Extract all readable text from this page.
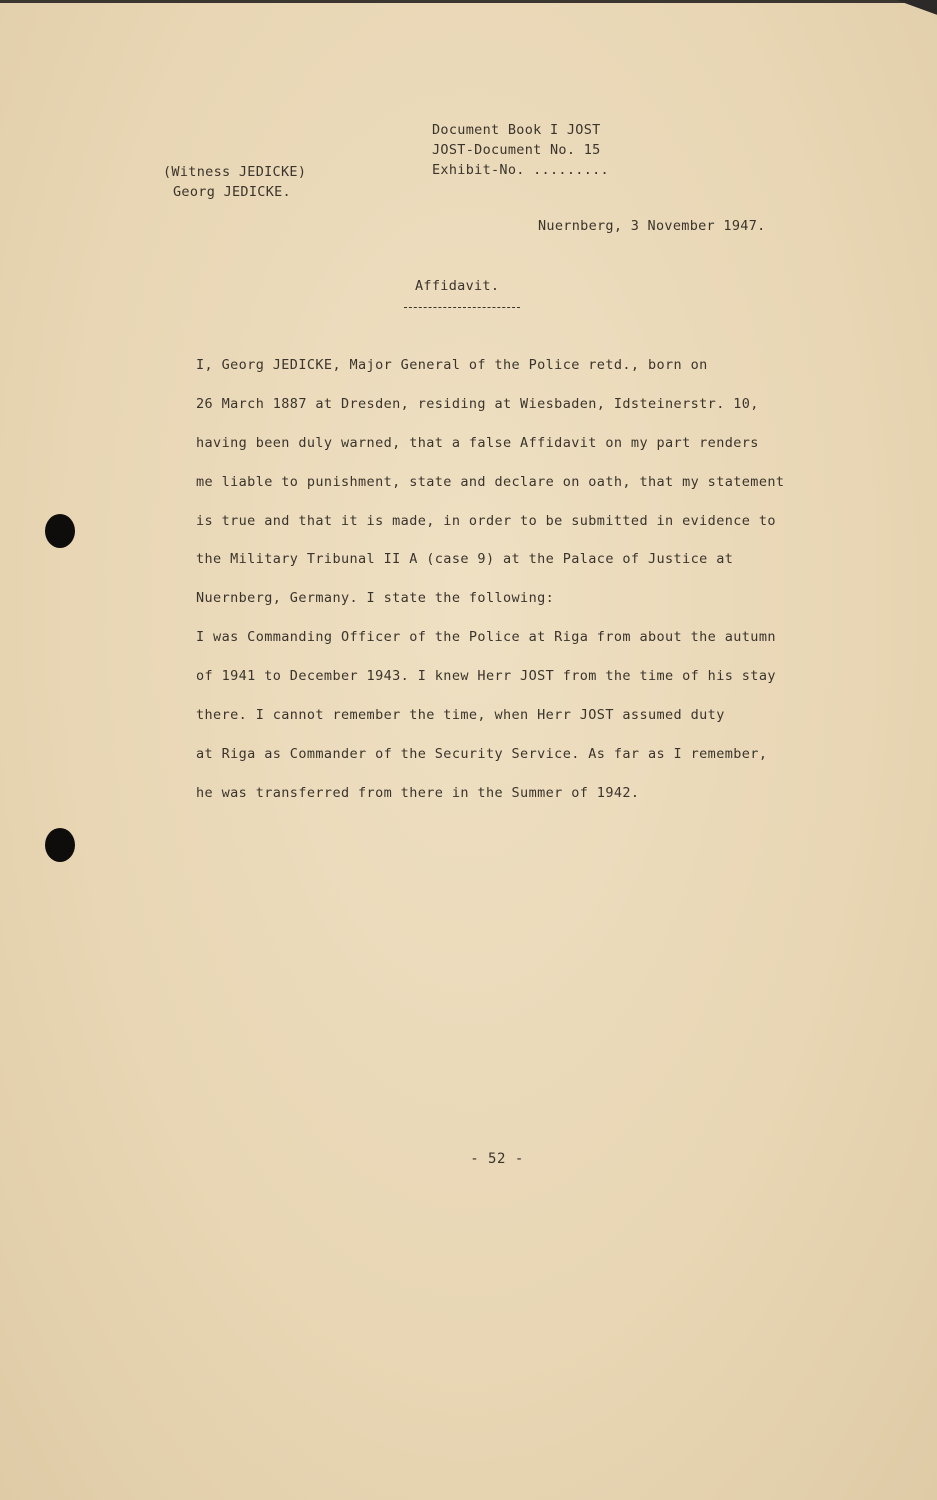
Document Book I JOST
JOST-Document No. 15
Exhibit-No. .........
(Witness JEDICKE)
Georg JEDICKE.
Nuernberg, 3 November 1947.
Affidavit.
I, Georg JEDICKE, Major General of the Police retd., born on
26 March 1887 at Dresden, residing at Wiesbaden, Idsteinerstr. 10,
having been duly warned, that a false Affidavit on my part renders
me liable to punishment, state and declare on oath, that my statement
is true and that it is made, in order to be submitted in evidence to
the Military Tribunal II A (case 9) at the Palace of Justice at
Nuernberg, Germany. I state the following:
I was Commanding Officer of the Police at Riga from about the autumn
of 1941 to December 1943. I knew Herr JOST from the time of his stay
there. I cannot remember the time, when Herr JOST assumed duty
at Riga as Commander of the Security Service. As far as I remember,
he was transferred from there in the Summer of 1942.
- 52 -
